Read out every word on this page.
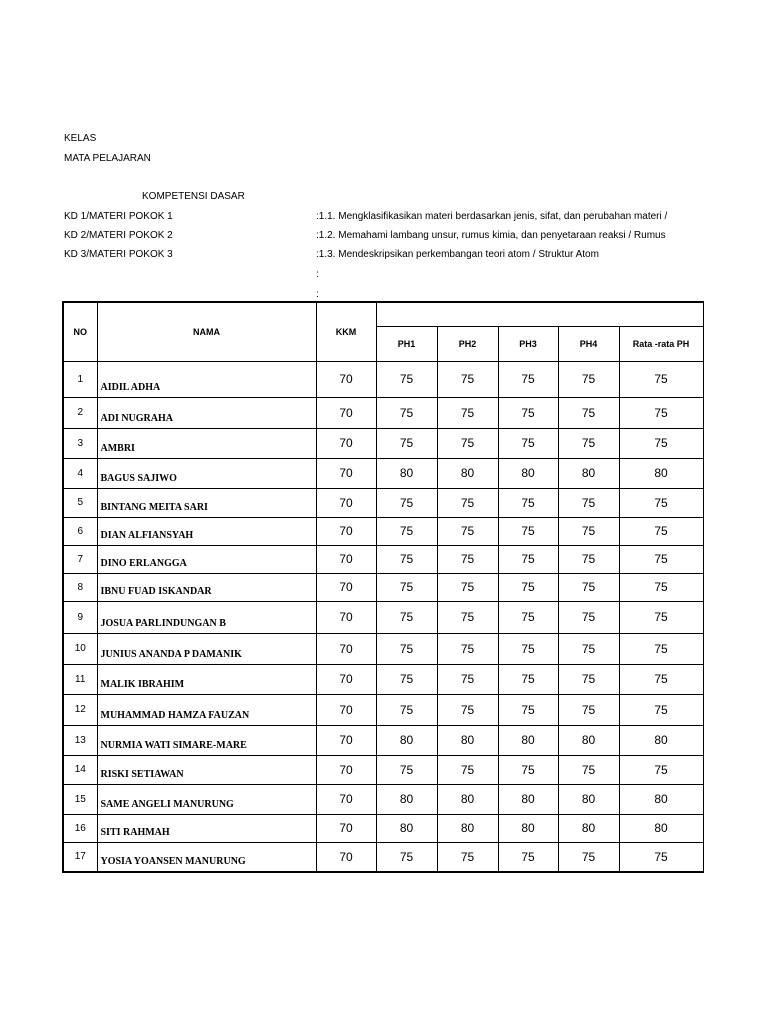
KELAS
MATA PELAJARAN
KOMPETENSI DASAR
KD 1/MATERI POKOK 1	:1.1. Mengklasifikasikan materi berdasarkan jenis, sifat, dan perubahan materi /
KD 2/MATERI POKOK 2	:1.2. Memahami lambang unsur, rumus kimia, dan penyetaraan reaksi / Rumus
KD 3/MATERI POKOK 3	:1.3. Mendeskripsikan perkembangan teori atom / Struktur Atom
:
:
NO	NAMA	KKM					
			PH1	PH2	PH3	PH4	Rata -rata PH
1	AIDIL ADHA	70	75	75	75	75	75
2	ADI NUGRAHA	70	75	75	75	75	75
3	AMBRI	70	75	75	75	75	75
4	BAGUS SAJIWO	70	80	80	80	80	80
5	BINTANG MEITA SARI	70	75	75	75	75	75
6	DIAN ALFIANSYAH	70	75	75	75	75	75
7	DINO ERLANGGA	70	75	75	75	75	75
8	IBNU FUAD ISKANDAR	70	75	75	75	75	75
9	JOSUA PARLINDUNGAN B	70	75	75	75	75	75
10	JUNIUS ANANDA P DAMANIK	70	75	75	75	75	75
11	MALIK IBRAHIM	70	75	75	75	75	75
12	MUHAMMAD HAMZA FAUZAN	70	75	75	75	75	75
13	NURMIA WATI SIMARE-MARE	70	80	80	80	80	80
14	RISKI SETIAWAN	70	75	75	75	75	75
15	SAME ANGELI MANURUNG	70	80	80	80	80	80
16	SITI RAHMAH	70	80	80	80	80	80
17	YOSIA YOANSEN MANURUNG	70	75	75	75	75	75
